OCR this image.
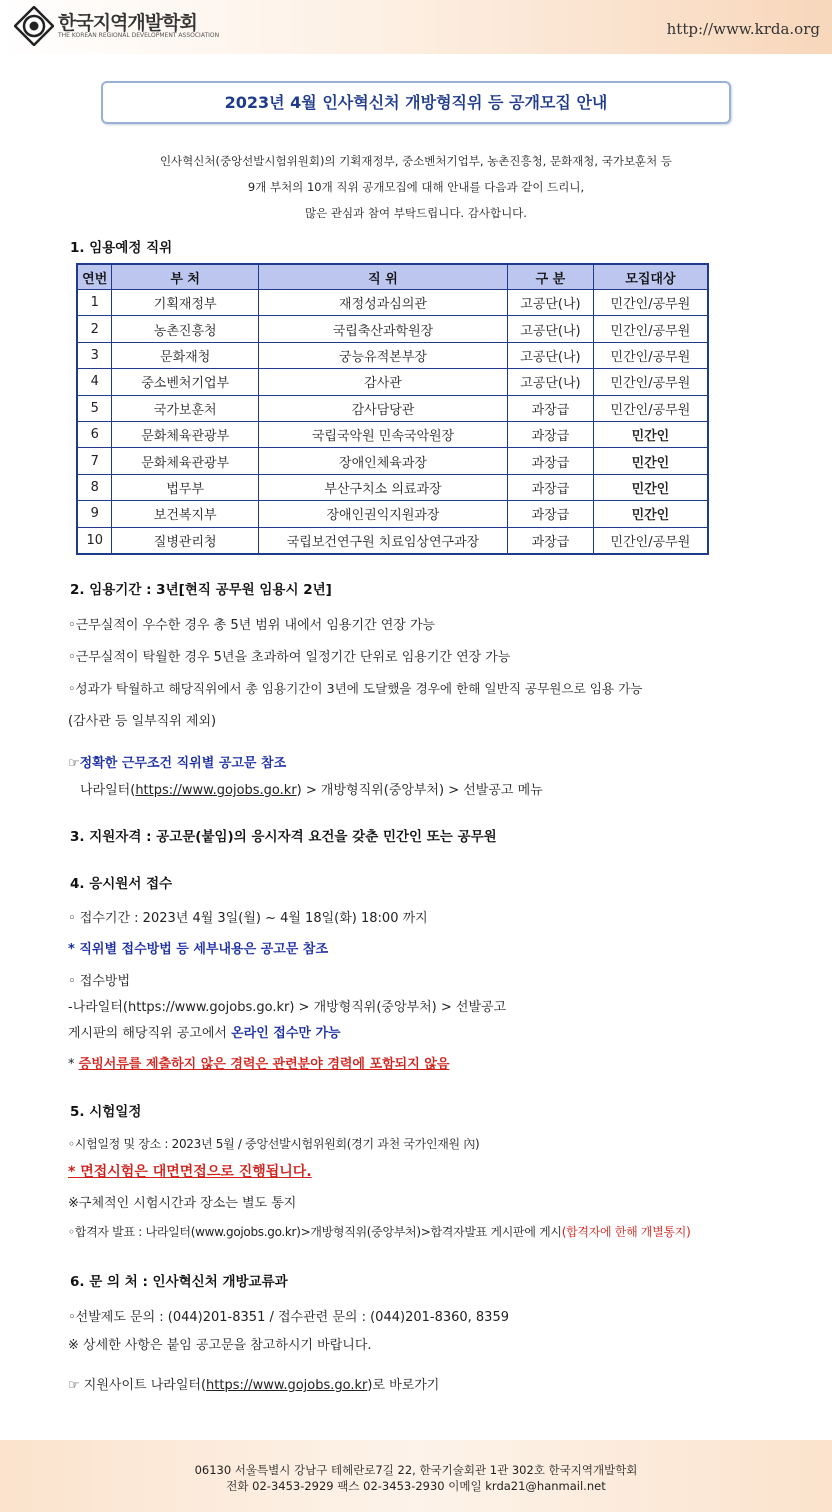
한국지역개발학회
THE KOREAN REGIONAL DEVELOPMENT ASSOCIATION	http://www.krda.org
2023년 4월 인사혁신처 개방형직위 등 공개모집 안내
인사혁신처(중앙선발시험위원회)의 기획재정부, 중소벤처기업부, 농촌진흥청, 문화재청, 국가보훈처 등
9개 부처의 10개 직위 공개모집에 대해 안내를 다음과 같이 드리니,
많은 관심과 참여 부탁드립니다. 감사합니다.
1. 임용예정 직위
연번	부 처	직 위	구 분	모집대상
1	기획재정부	재정성과심의관	고공단(나)	민간인/공무원
2	농촌진흥청	국립축산과학원장	고공단(나)	민간인/공무원
3	문화재청	궁능유적본부장	고공단(나)	민간인/공무원
4	중소벤처기업부	감사관	고공단(나)	민간인/공무원
5	국가보훈처	감사담당관	과장급	민간인/공무원
6	문화체육관광부	국립국악원 민속국악원장	과장급	민간인
7	문화체육관광부	장애인체육과장	과장급	민간인
8	법무부	부산구치소 의료과장	과장급	민간인
9	보건복지부	장애인권익지원과장	과장급	민간인
10	질병관리청	국립보건연구원 치료임상연구과장	과장급	민간인/공무원
2. 임용기간 : 3년[현직 공무원 임용시 2년]
◦근무실적이 우수한 경우 총 5년 범위 내에서 임용기간 연장 가능
◦근무실적이 탁월한 경우 5년을 초과하여 일정기간 단위로 임용기간 연장 가능
◦성과가 탁월하고 해당직위에서 총 임용기간이 3년에 도달했을 경우에 한해 일반직 공무원으로 임용 가능
(감사관 등 일부직위 제외)
☞정확한 근무조건 직위별 공고문 참조
나라일터(https://www.gojobs.go.kr) > 개방형직위(중앙부처) > 선발공고 메뉴
3. 지원자격 : 공고문(붙임)의 응시자격 요건을 갖춘 민간인 또는 공무원
4. 응시원서 접수
◦ 접수기간 : 2023년 4월 3일(월) ~ 4월 18일(화) 18:00 까지
* 직위별 접수방법 등 세부내용은 공고문 참조
◦ 접수방법
-나라일터(https://www.gojobs.go.kr) > 개방형직위(중앙부처) > 선발공고
게시판의 해당직위 공고에서 온라인 접수만 가능
* 증빙서류를 제출하지 않은 경력은 관련분야 경력에 포함되지 않음
5. 시험일정
◦시험일정 및 장소 : 2023년 5월 / 중앙선발시험위원회(경기 과천 국가인재원 內)
* 면접시험은 대면면접으로 진행됩니다.
※구체적인 시험시간과 장소는 별도 통지
◦합격자 발표 : 나라일터(www.gojobs.go.kr)>개방형직위(중앙부처)>합격자발표 게시판에 게시(합격자에 한해 개별통지)
6. 문 의 처 : 인사혁신처 개방교류과
◦선발제도 문의 : (044)201-8351 / 접수관련 문의 : (044)201-8360, 8359
※ 상세한 사항은 붙임 공고문을 참고하시기 바랍니다.
☞ 지원사이트 나라일터(https://www.gojobs.go.kr)로 바로가기
06130 서울특별시 강남구 테헤란로7길 22, 한국기술회관 1관 302호 한국지역개발학회
전화 02-3453-2929 팩스 02-3453-2930 이메일 krda21@hanmail.net
